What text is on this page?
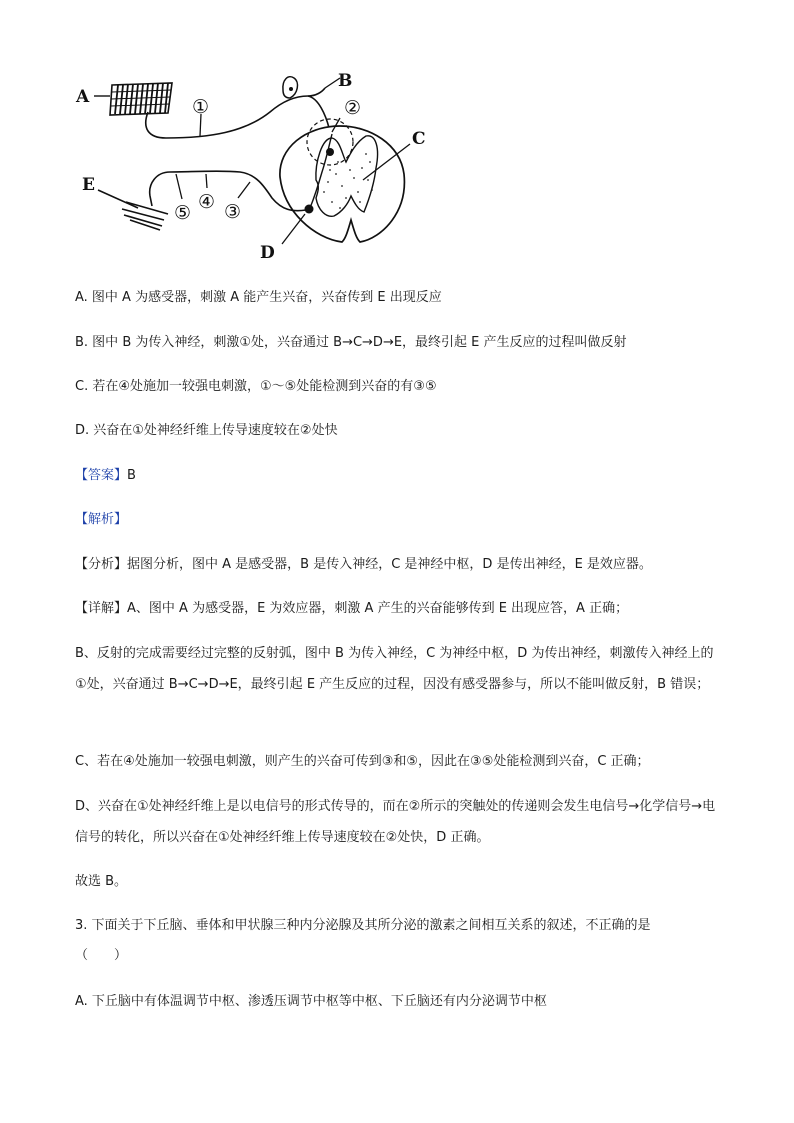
A
B
C
D
E
①	②
③
④
⑤
A. 图中 A 为感受器，刺激 A 能产生兴奋，兴奋传到 E 出现反应
B. 图中 B 为传入神经，刺激①处，兴奋通过 B→C→D→E，最终引起 E 产生反应的过程叫做反射
C. 若在④处施加一较强电刺激，①～⑤处能检测到兴奋的有③⑤
D. 兴奋在①处神经纤维上传导速度较在②处快
【答案】B
【解析】
【分析】据图分析，图中 A 是感受器，B 是传入神经，C 是神经中枢，D 是传出神经，E 是效应器。
【详解】A、图中 A 为感受器，E 为效应器，刺激 A 产生的兴奋能够传到 E 出现应答，A 正确；
B、反射的完成需要经过完整的反射弧，图中 B 为传入神经，C 为神经中枢，D 为传出神经，刺激传入神经上的①处，兴奋通过 B→C→D→E，最终引起 E 产生反应的过程，因没有感受器参与，所以不能叫做反射，B 错误；
C、若在④处施加一较强电刺激，则产生的兴奋可传到③和⑤，因此在③⑤处能检测到兴奋，C 正确；
D、兴奋在①处神经纤维上是以电信号的形式传导的，而在②所示的突触处的传递则会发生电信号→化学信号→电信号的转化，所以兴奋在①处神经纤维上传导速度较在②处快，D 正确。
故选 B。
3. 下面关于下丘脑、垂体和甲状腺三种内分泌腺及其所分泌的激素之间相互关系的叙述，不正确的是
（　　）
A. 下丘脑中有体温调节中枢、渗透压调节中枢等中枢、下丘脑还有内分泌调节中枢
